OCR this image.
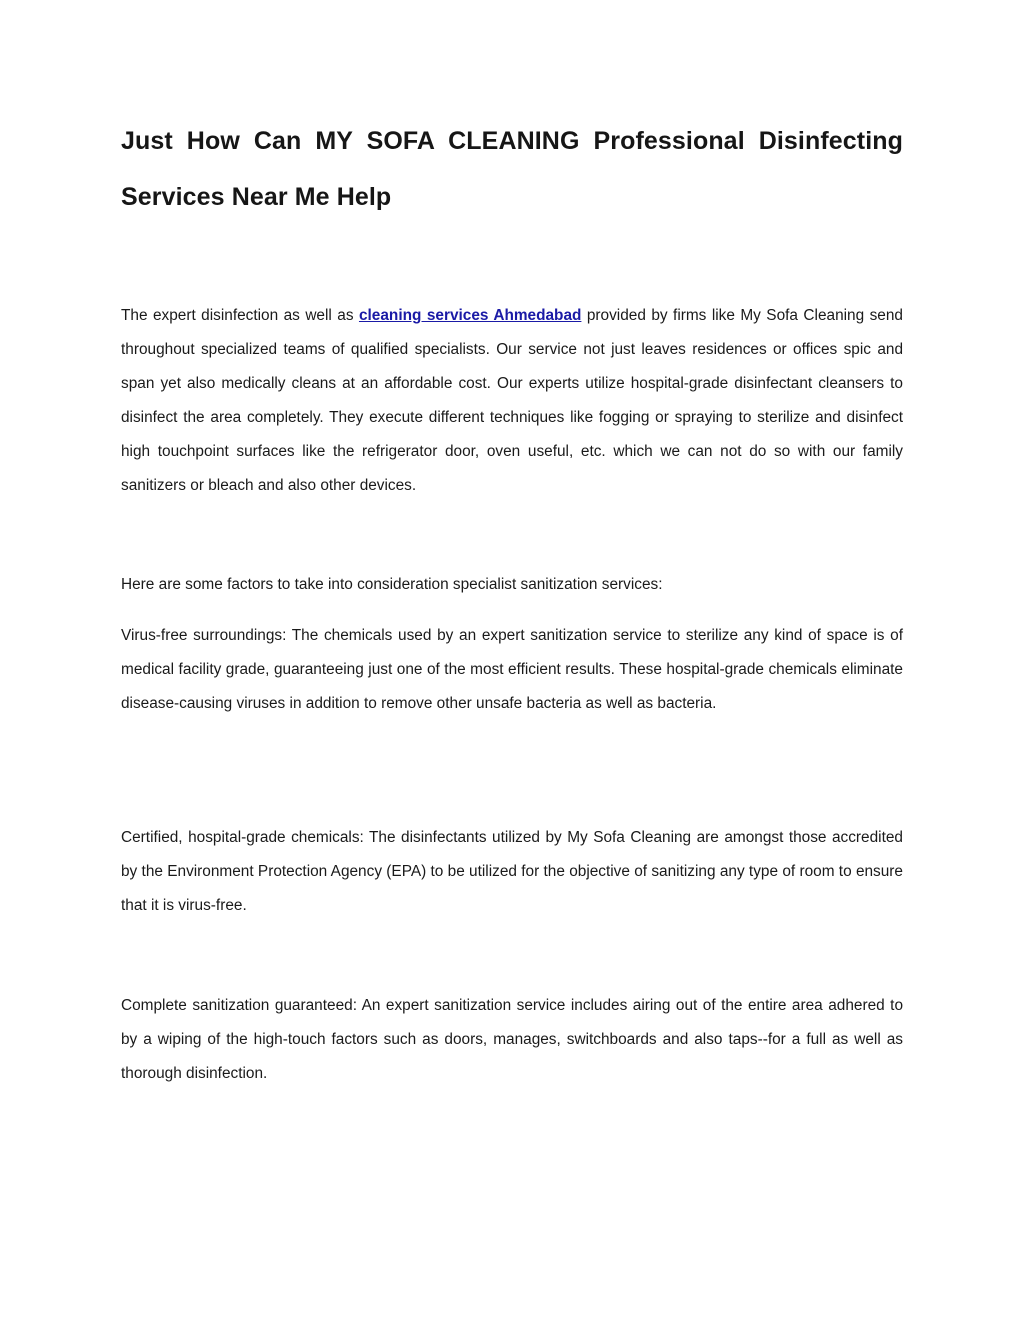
Just How Can MY SOFA CLEANING Professional Disinfecting Services Near Me Help

The expert disinfection as well as cleaning services Ahmedabad provided by firms like My Sofa Cleaning send throughout specialized teams of qualified specialists. Our service not just leaves residences or offices spic and span yet also medically cleans at an affordable cost. Our experts utilize hospital-grade disinfectant cleansers to disinfect the area completely. They execute different techniques like fogging or spraying to sterilize and disinfect high touchpoint surfaces like the refrigerator door, oven useful, etc. which we can not do so with our family sanitizers or bleach and also other devices.

Here are some factors to take into consideration specialist sanitization services:

Virus-free surroundings: The chemicals used by an expert sanitization service to sterilize any kind of space is of medical facility grade, guaranteeing just one of the most efficient results. These hospital-grade chemicals eliminate disease-causing viruses in addition to remove other unsafe bacteria as well as bacteria.

Certified, hospital-grade chemicals: The disinfectants utilized by My Sofa Cleaning are amongst those accredited by the Environment Protection Agency (EPA) to be utilized for the objective of sanitizing any type of room to ensure that it is virus-free.

Complete sanitization guaranteed: An expert sanitization service includes airing out of the entire area adhered to by a wiping of the high-touch factors such as doors, manages, switchboards and also taps--for a full as well as thorough disinfection.
